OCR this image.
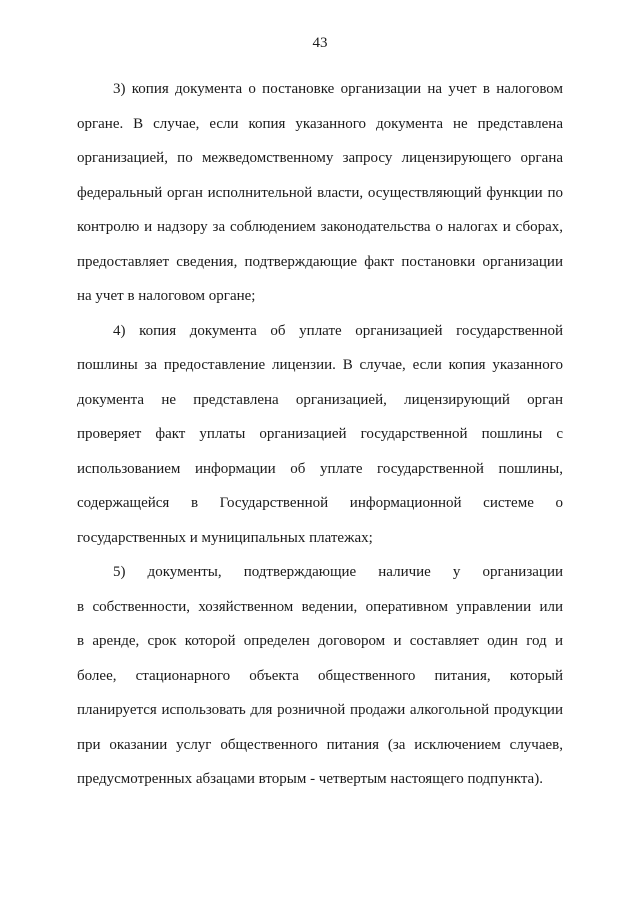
43
3) копия документа о постановке организации на учет в налоговом
органе. В случае, если копия указанного документа не представлена
организацией, по межведомственному запросу лицензирующего органа
федеральный орган исполнительной власти, осуществляющий функции по
контролю и надзору за соблюдением законодательства о налогах и сборах,
предоставляет сведения, подтверждающие факт постановки организации
на учет в налоговом органе;
4) копия документа об уплате организацией государственной
пошлины за предоставление лицензии. В случае, если копия указанного
документа не представлена организацией, лицензирующий орган
проверяет факт уплаты организацией государственной пошлины с
использованием информации об уплате государственной пошлины,
содержащейся в Государственной информационной системе о
государственных и муниципальных платежах;
5) документы, подтверждающие наличие у организации
в собственности, хозяйственном ведении, оперативном управлении или
в аренде, срок которой определен договором и составляет один год и
более, стационарного объекта общественного питания, который
планируется использовать для розничной продажи алкогольной продукции
при оказании услуг общественного питания (за исключением случаев,
предусмотренных абзацами вторым - четвертым настоящего подпункта).
